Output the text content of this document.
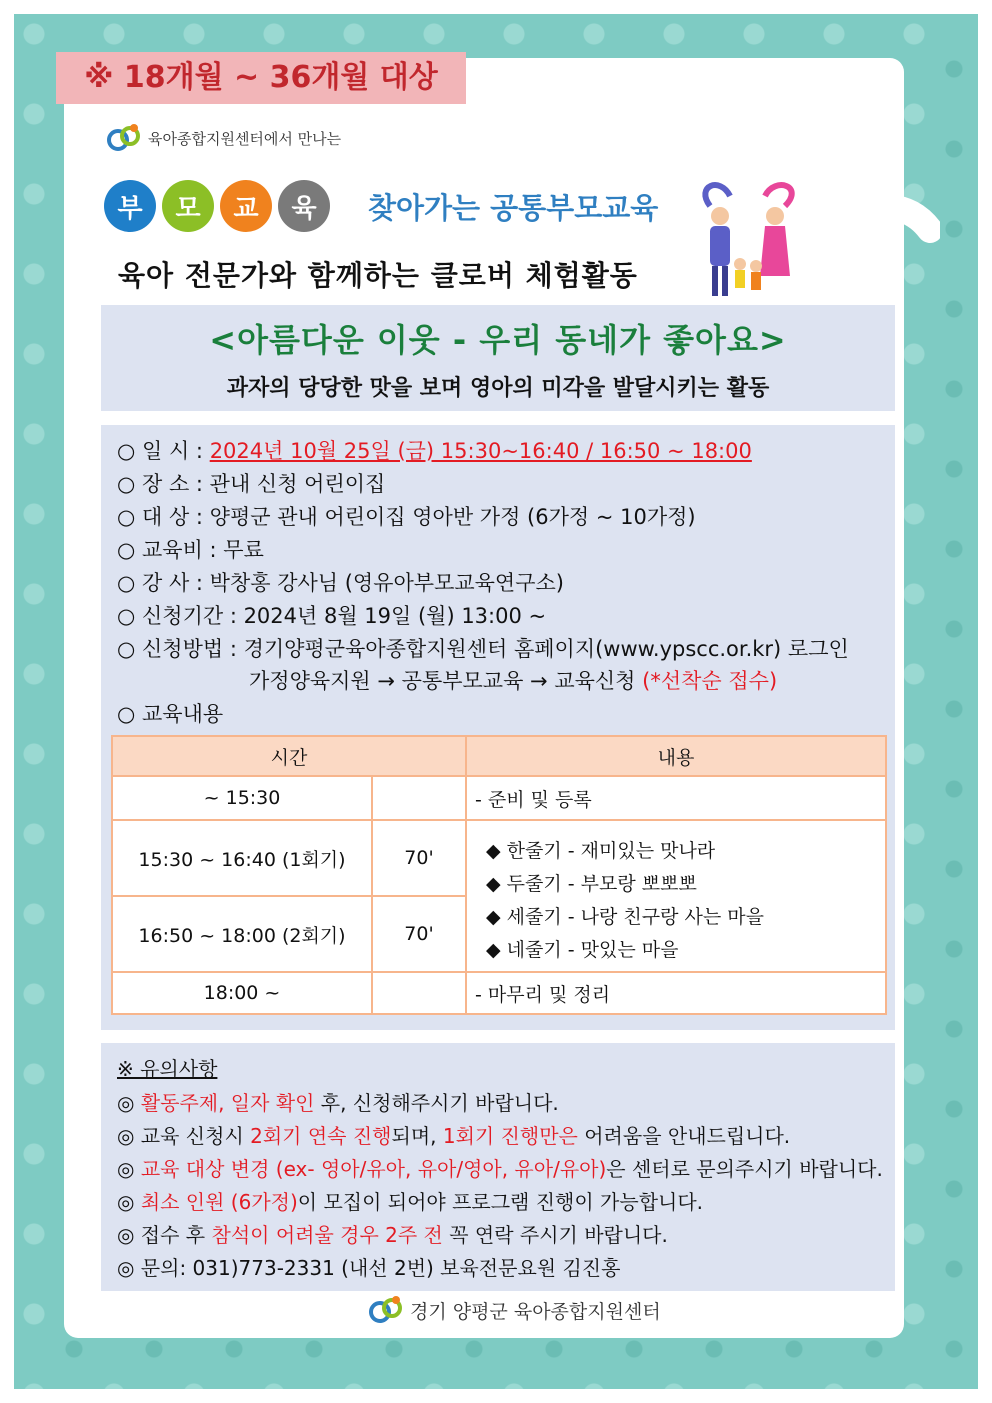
※ 18개월 ~ 36개월 대상
육아종합지원센터에서 만나는
부	모	교	육	찾아가는 공통부모교육
육아 전문가와 함께하는 클로버 체험활동
<아름다운 이웃 - 우리 동네가 좋아요>
과자의 당당한 맛을 보며 영아의 미각을 발달시키는 활동
○ 일 시 : 2024년 10월 25일 (금) 15:30~16:40 / 16:50 ~ 18:00
○ 장 소 : 관내 신청 어린이집
○ 대 상 : 양평군 관내 어린이집 영아반 가정 (6가정 ~ 10가정)
○ 교육비 : 무료
○ 강 사 : 박창홍 강사님 (영유아부모교육연구소)
○ 신청기간 : 2024년 8월 19일 (월) 13:00 ~
○ 신청방법 : 경기양평군육아종합지원센터 홈페이지(www.ypscc.or.kr) 로그인
가정양육지원 → 공통부모교육 → 교육신청 (*선착순 접수)
○ 교육내용
시간		내용
~ 15:30		- 준비 및 등록
15:30 ~ 16:40 (1회기)	70'	◆ 한줄기 - 재미있는 맛나라
◆ 두줄기 - 부모랑 뽀뽀뽀
◆ 세줄기 - 나랑 친구랑 사는 마을
◆ 네줄기 - 맛있는 마을

16:50 ~ 18:00 (2회기)	70'	
18:00 ~		- 마무리 및 정리
※ 유의사항
◎ 활동주제, 일자 확인 후, 신청해주시기 바랍니다.
◎ 교육 신청시 2회기 연속 진행되며, 1회기 진행만은 어려움을 안내드립니다.
◎ 교육 대상 변경 (ex- 영아/유아, 유아/영아, 유아/유아)은 센터로 문의주시기 바랍니다.
◎ 최소 인원 (6가정)이 모집이 되어야 프로그램 진행이 가능합니다.
◎ 접수 후 참석이 어려울 경우 2주 전 꼭 연락 주시기 바랍니다.
◎ 문의: 031)773-2331 (내선 2번) 보육전문요원 김진홍
경기 양평군 육아종합지원센터
